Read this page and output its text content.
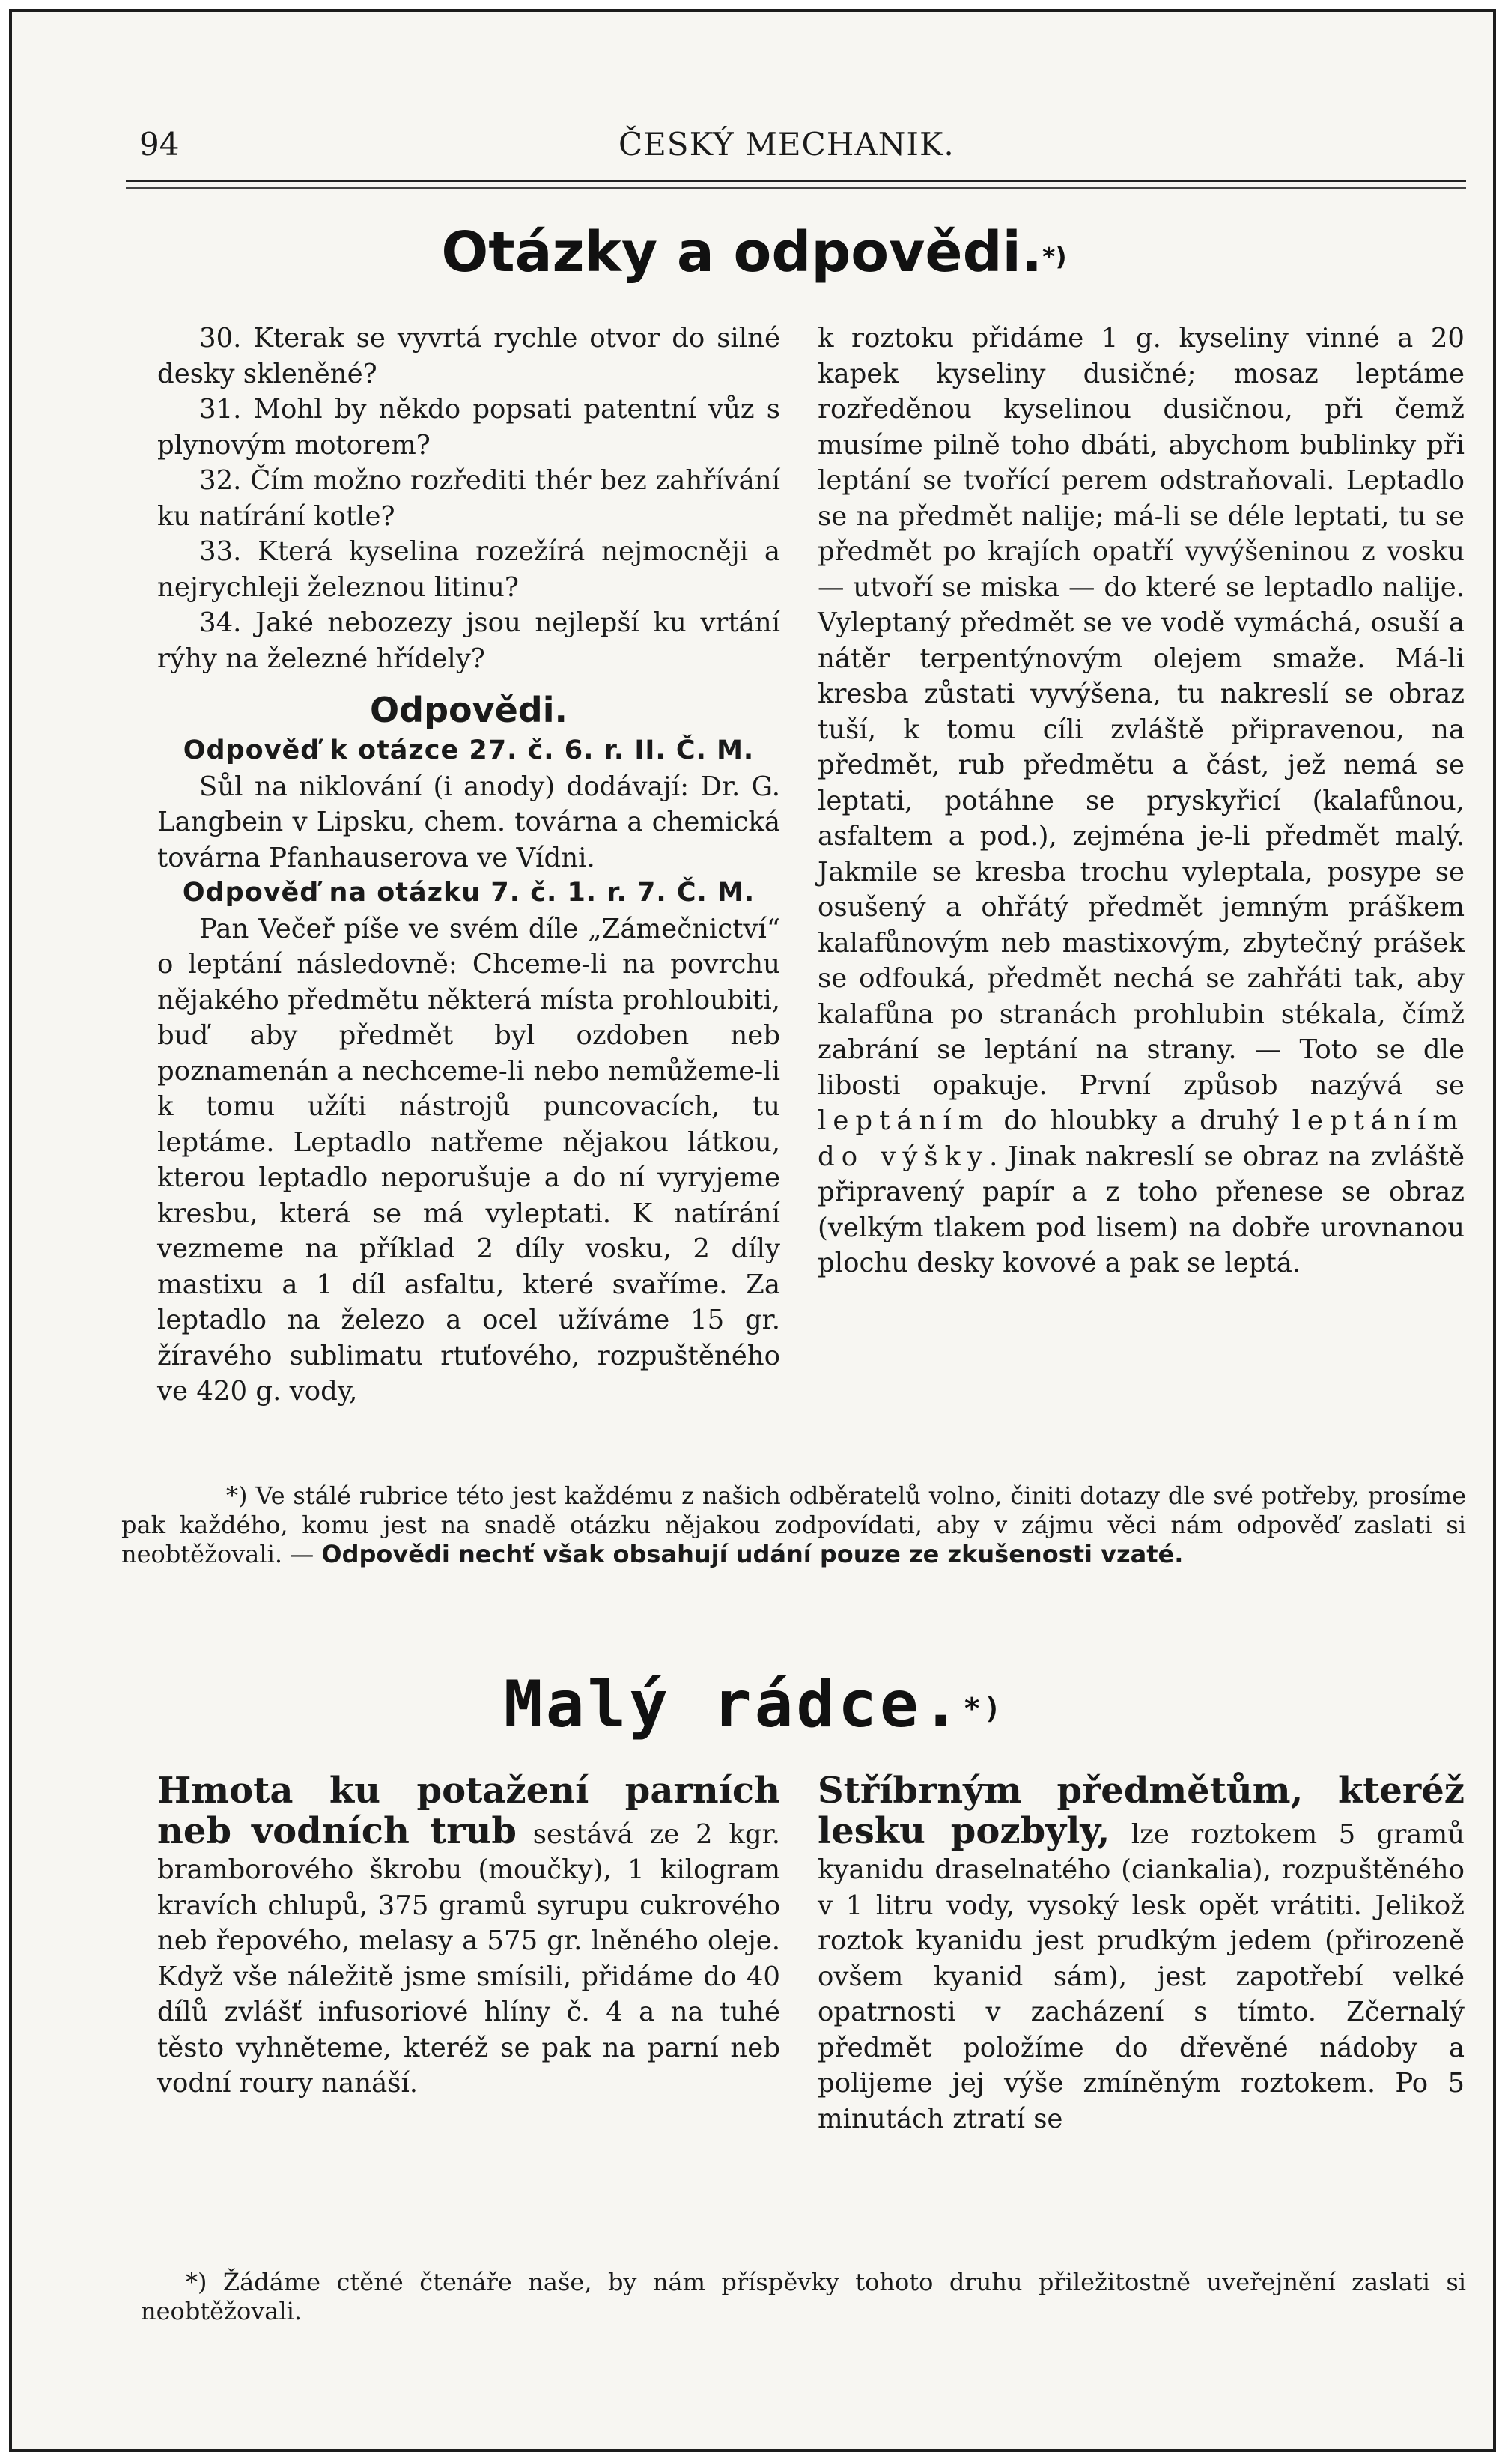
94	ČESKÝ MECHANIK.
Otázky a odpovědi.*)

30. Kterak se vyvrtá rychle otvor do silné desky skleněné?

31. Mohl by někdo popsati patentní vůz s plynovým motorem?

32. Čím možno rozřediti thér bez zahřívání ku natírání kotle?

33. Která kyselina rozežírá nejmocněji a nejrychleji železnou litinu?

34. Jaké nebozezy jsou nejlepší ku vrtání rýhy na železné hřídely?

Odpovědi.

Odpověď k otázce 27. č. 6. r. II. Č. M.

Sůl na niklování (i anody) dodávají: Dr. G. Langbein v Lipsku, chem. továrna a chemická továrna Pfanhauserova ve Vídni.

Odpověď na otázku 7. č. 1. r. 7. Č. M.

Pan Večeř píše ve svém díle „Zámečnictví“ o leptání následovně: Chceme-li na povrchu nějakého předmětu některá místa prohloubiti, buď aby předmět byl ozdoben neb poznamenán a nechceme-li nebo nemůžeme-li k tomu užíti nástrojů puncovacích, tu leptáme. Leptadlo natřeme nějakou látkou, kterou leptadlo neporušuje a do ní vyryjeme kresbu, která se má vyleptati. K natírání vezmeme na příklad 2 díly vosku, 2 díly mastixu a 1 díl asfaltu, které svaříme. Za leptadlo na železo a ocel užíváme 15 gr. žíravého sublimatu rtuťového, rozpuštěného ve 420 g. vody,

k roztoku přidáme 1 g. kyseliny vinné a 20 kapek kyseliny dusičné; mosaz leptáme rozředěnou kyselinou dusičnou, při čemž musíme pilně toho dbáti, abychom bublinky při leptání se tvořící perem odstraňovali. Leptadlo se na předmět nalije; má-li se déle leptati, tu se předmět po krajích opatří vyvýšeninou z vosku — utvoří se miska — do které se leptadlo nalije. Vyleptaný předmět se ve vodě vymáchá, osuší a nátěr terpentýnovým olejem smaže. Má-li kresba zůstati vyvýšena, tu nakreslí se obraz tuší, k tomu cíli zvláště připravenou, na předmět, rub předmětu a část, jež nemá se leptati, potáhne se pryskyřicí (kalafůnou, asfaltem a pod.), zejména je-li předmět malý. Jakmile se kresba trochu vyleptala, posype se osušený a ohřátý předmět jemným práškem kalafůnovým neb mastixovým, zbytečný prášek se odfouká, předmět nechá se zahřáti tak, aby kalafůna po stranách prohlubin stékala, čímž zabrání se leptání na strany. — Toto se dle libosti opakuje. První způsob nazývá se leptáním do hloubky a druhý leptáním do výšky. Jinak nakreslí se obraz na zvláště připravený papír a z toho přenese se obraz (velkým tlakem pod lisem) na dobře urovnanou plochu desky kovové a pak se leptá.

*) Ve stálé rubrice této jest každému z našich odběratelů volno, činiti dotazy dle své potřeby, prosíme pak každého, komu jest na snadě otázku nějakou zodpovídati, aby v zájmu věci nám odpověď zaslati si neobtěžovali. — Odpovědi nechť však obsahují udání pouze ze zkušenosti vzaté.
Malý rádce.*)

Hmota ku potažení parních neb vodních trub sestává ze 2 kgr. bramborového škrobu (moučky), 1 kilogram kravích chlupů, 375 gramů syrupu cukrového neb řepového, melasy a 575 gr. lněného oleje. Když vše náležitě jsme smísili, přidáme do 40 dílů zvlášť infusoriové hlíny č. 4 a na tuhé těsto vyhněteme, kteréž se pak na parní neb vodní roury nanáší.

Stříbrným předmětům, kteréž lesku pozbyly, lze roztokem 5 gramů kyanidu draselnatého (ciankalia), rozpuštěného v 1 litru vody, vysoký lesk opět vrátiti. Jelikož roztok kyanidu jest prudkým jedem (přirozeně ovšem kyanid sám), jest zapotřebí velké opatrnosti v zacházení s tímto. Zčernalý předmět položíme do dřevěné nádoby a polijeme jej výše zmíněným roztokem. Po 5 minutách ztratí se

*) Žádáme ctěné čtenáře naše, by nám příspěvky tohoto druhu přiležitostně uveřejnění zaslati si neobtěžovali.
